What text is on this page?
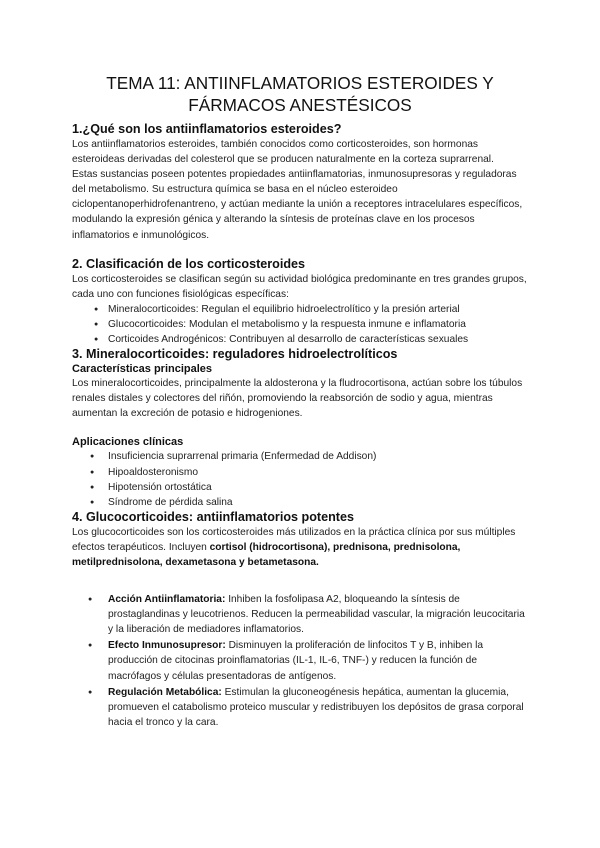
TEMA 11: ANTIINFLAMATORIOS ESTEROIDES Y FÁRMACOS ANESTÉSICOS
1.¿Qué son los antiinflamatorios esteroides?

Los antiinflamatorios esteroides, también conocidos como corticosteroides, son hormonas esteroideas derivadas del colesterol que se producen naturalmente en la corteza suprarrenal.

Estas sustancias poseen potentes propiedades antiinflamatorias, inmunosupresoras y reguladoras del metabolismo. Su estructura química se basa en el núcleo esteroideo ciclopentanoperhidrofenantreno, y actúan mediante la unión a receptores intracelulares específicos, modulando la expresión génica y alterando la síntesis de proteínas clave en los procesos inflamatorios e inmunológicos.

2. Clasificación de los corticosteroides

Los corticosteroides se clasifican según su actividad biológica predominante en tres grandes grupos, cada uno con funciones fisiológicas específicas:

● Mineralocorticoides: Regulan el equilibrio hidroelectrolítico y la presión arterial
● Glucocorticoides: Modulan el metabolismo y la respuesta inmune e inflamatoria
● Corticoides Androgénicos: Contribuyen al desarrollo de características sexuales
3. Mineralocorticoides: reguladores hidroelectrolíticos
Características principales

Los mineralocorticoides, principalmente la aldosterona y la fludrocortisona, actúan sobre los túbulos renales distales y colectores del riñón, promoviendo la reabsorción de sodio y agua, mientras aumentan la excreción de potasio e hidrogeniones.

Aplicaciones clínicas
● Insuficiencia suprarrenal primaria (Enfermedad de Addison)
● Hipoaldosteronismo
● Hipotensión ortostática
● Síndrome de pérdida salina
4. Glucocorticoides: antiinflamatorios potentes

Los glucocorticoides son los corticosteroides más utilizados en la práctica clínica por sus múltiples efectos terapéuticos. Incluyen cortisol (hidrocortisona), prednisona, prednisolona, metilprednisolona, dexametasona y betametasona.

● Acción Antiinflamatoria: Inhiben la fosfolipasa A2, bloqueando la síntesis de prostaglandinas y leucotrienos. Reducen la permeabilidad vascular, la migración leucocitaria y la liberación de mediadores inflamatorios.
● Efecto Inmunosupresor: Disminuyen la proliferación de linfocitos T y B, inhiben la producción de citocinas proinflamatorias (IL-1, IL-6, TNF-) y reducen la función de macrófagos y células presentadoras de antígenos.
● Regulación Metabólica: Estimulan la gluconeogénesis hepática, aumentan la glucemia, promueven el catabolismo proteico muscular y redistribuyen los depósitos de grasa corporal hacia el tronco y la cara.
